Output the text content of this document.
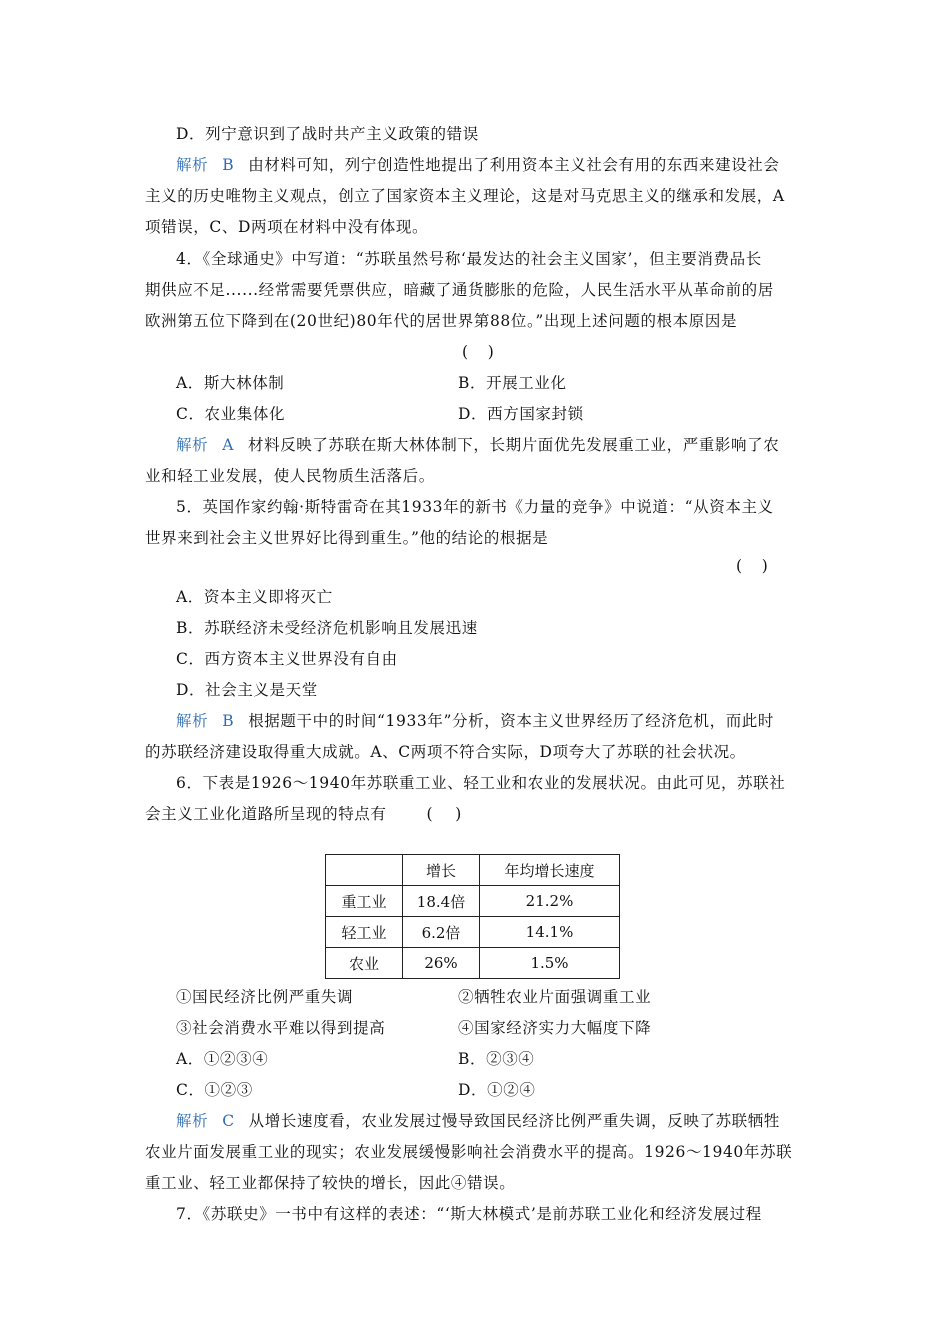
D．列宁意识到了战时共产主义政策的错误
解析 B 由材料可知，列宁创造性地提出了利用资本主义社会有用的东西来建设社会
主义的历史唯物主义观点，创立了国家资本主义理论，这是对马克思主义的继承和发展，A
项错误，C、D两项在材料中没有体现。
4．《全球通史》中写道：“苏联虽然号称‘最发达的社会主义国家’，但主要消费品长
期供应不足......经常需要凭票供应，暗藏了通货膨胀的危险，人民生活水平从革命前的居
欧洲第五位下降到在(20世纪)80年代的居世界第88位。”出现上述问题的根本原因是
(    )
A．斯大林体制	B．开展工业化
C．农业集体化	D．西方国家封锁
解析 A 材料反映了苏联在斯大林体制下，长期片面优先发展重工业，严重影响了农
业和轻工业发展，使人民物质生活落后。
5．英国作家约翰·斯特雷奇在其1933年的新书《力量的竞争》中说道：“从资本主义
世界来到社会主义世界好比得到重生。”他的结论的根据是
(    )
A．资本主义即将灭亡
B．苏联经济未受经济危机影响且发展迅速
C．西方资本主义世界没有自由
D．社会主义是天堂
解析 B 根据题干中的时间“1933年”分析，资本主义世界经历了经济危机，而此时
的苏联经济建设取得重大成就。A、C两项不符合实际，D项夸大了苏联的社会状况。
6．下表是1926～1940年苏联重工业、轻工业和农业的发展状况。由此可见，苏联社
会主义工业化道路所呈现的特点有	(    )
	增长	年均增长速度
重工业	18.4倍	21.2%
轻工业	6.2倍	14.1%
农业	26%	1.5%
①国民经济比例严重失调	②牺牲农业片面强调重工业
③社会消费水平难以得到提高	④国家经济实力大幅度下降
A．①②③④	B．②③④
C．①②③	D．①②④
解析 C 从增长速度看，农业发展过慢导致国民经济比例严重失调，反映了苏联牺牲
农业片面发展重工业的现实；农业发展缓慢影响社会消费水平的提高。1926～1940年苏联
重工业、轻工业都保持了较快的增长，因此④错误。
7．《苏联史》一书中有这样的表述：“‘斯大林模式’是前苏联工业化和经济发展过程
